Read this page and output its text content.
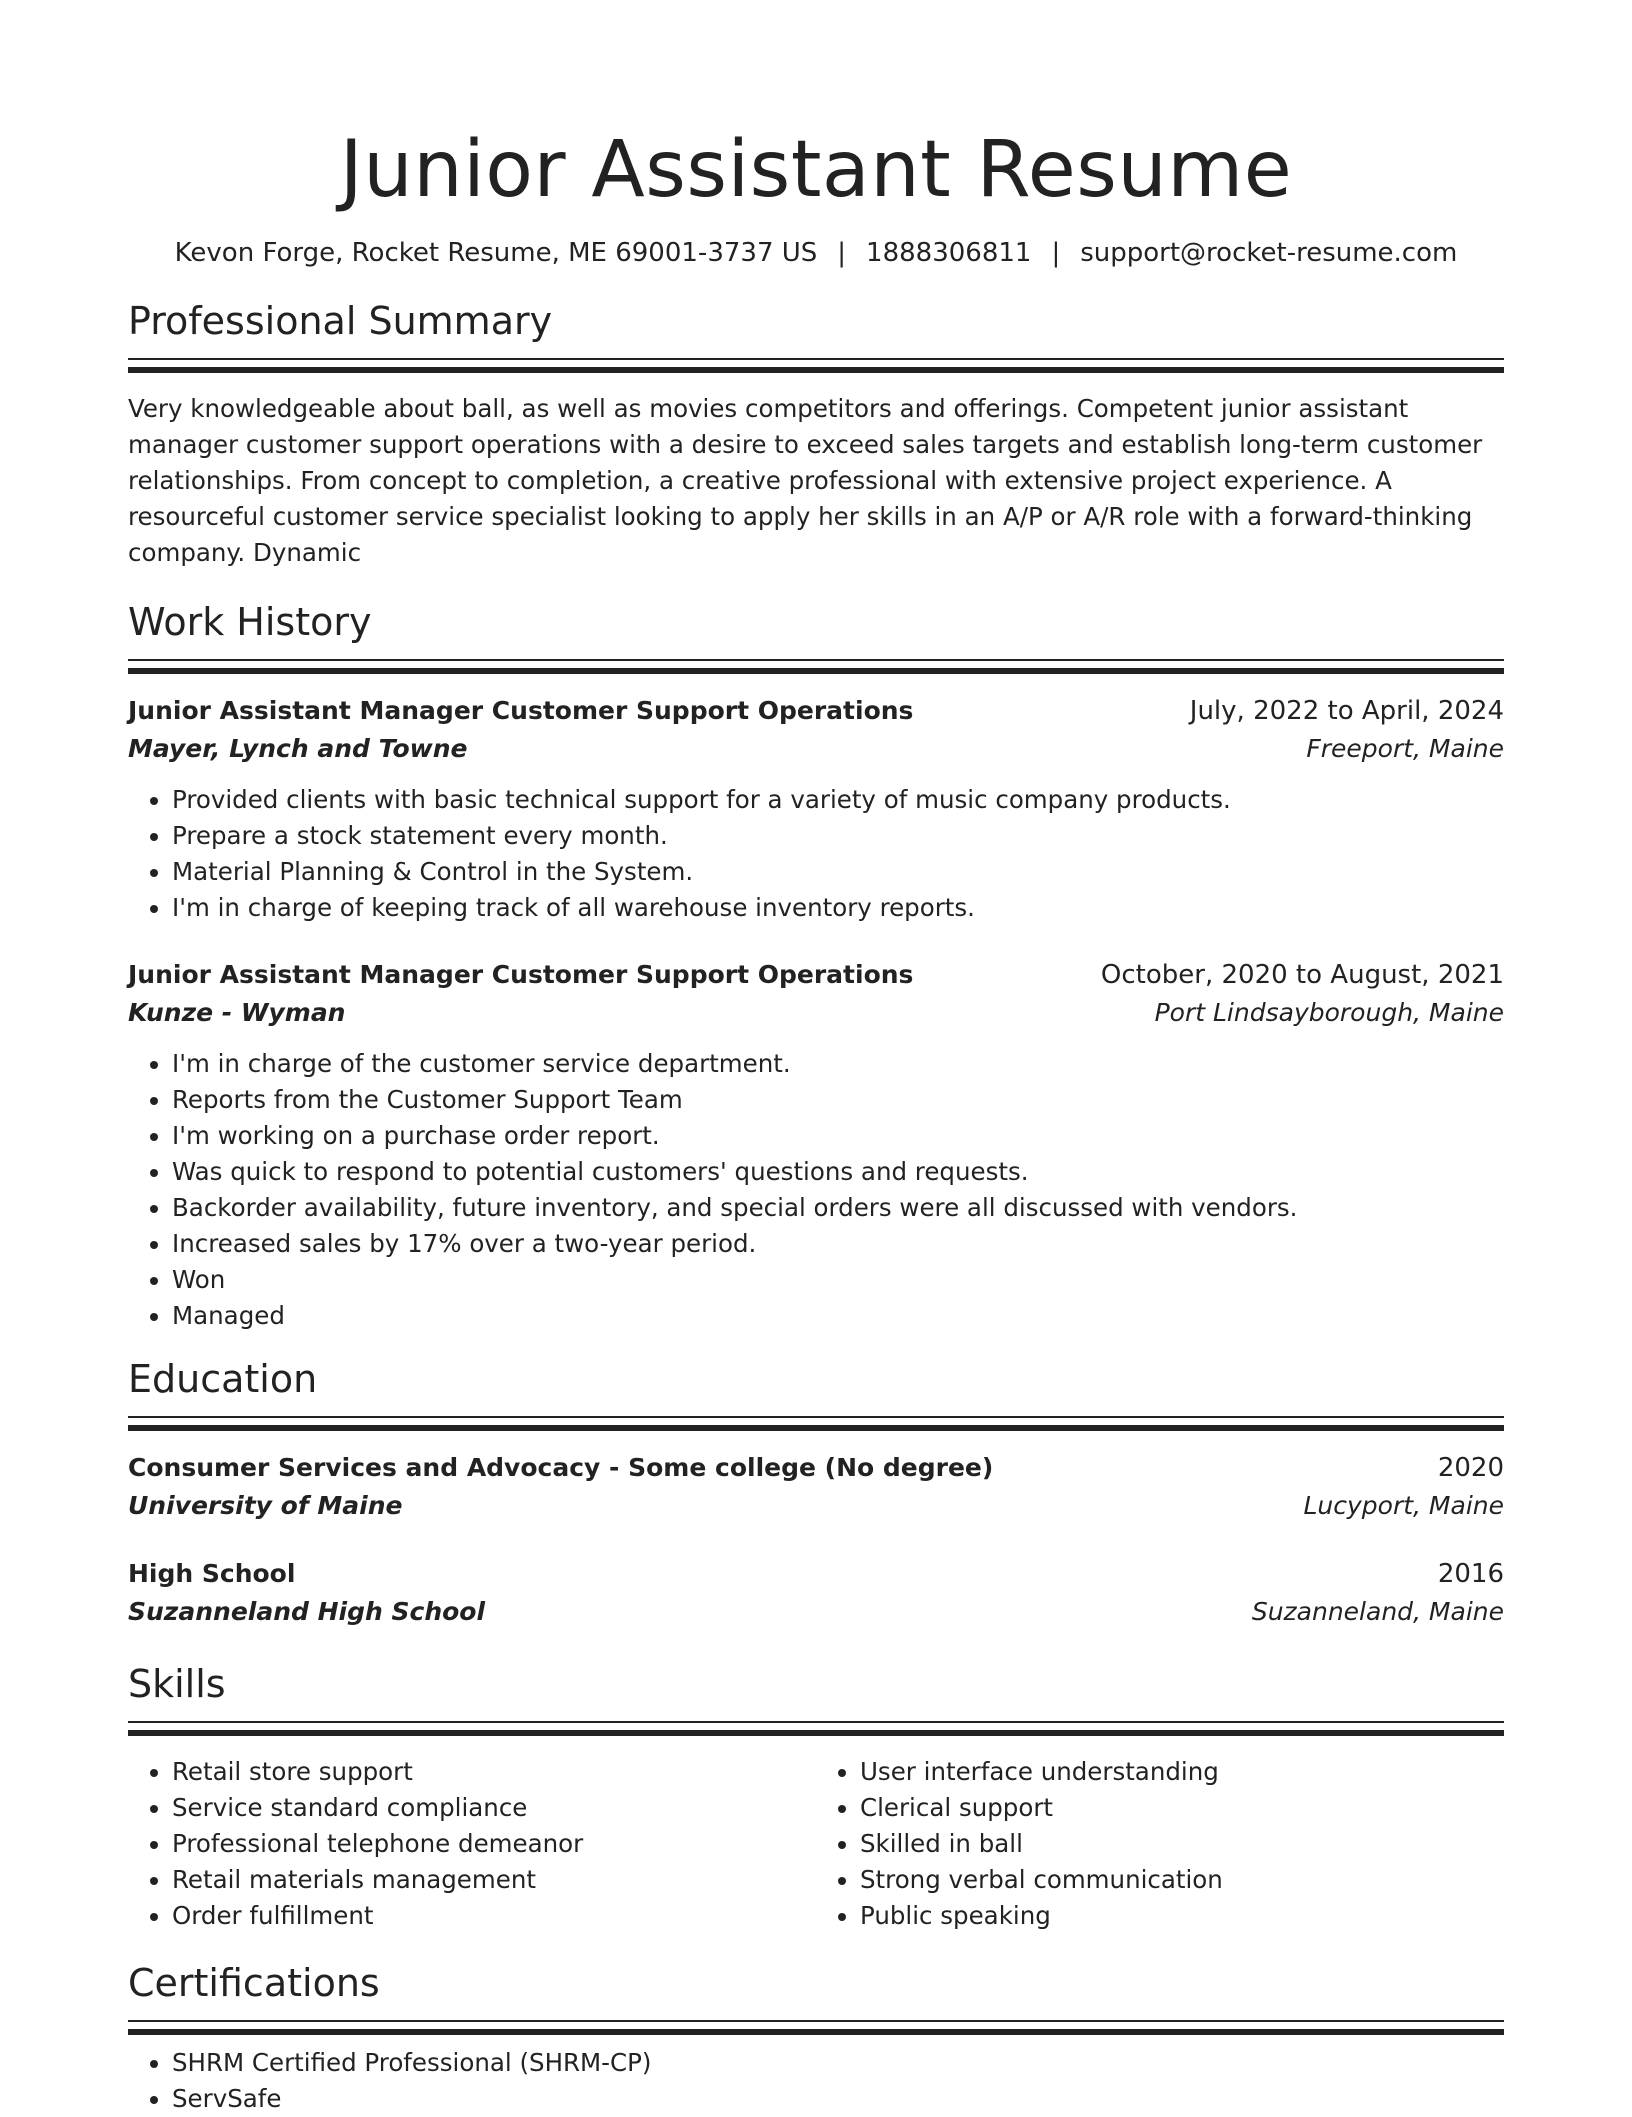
Junior Assistant Resume
Kevon Forge, Rocket Resume, ME 69001-3737 US | 1888306811 | support@rocket-resume.com
Professional Summary

Very knowledgeable about ball, as well as movies competitors and offerings. Competent junior assistant manager customer support operations with a desire to exceed sales targets and establish long-term customer relationships. From concept to completion, a creative professional with extensive project experience. A resourceful customer service specialist looking to apply her skills in an A/P or A/R role with a forward-thinking company. Dynamic

Work History
Junior Assistant Manager Customer Support Operations	July, 2022 to April, 2024
Mayer, Lynch and Towne	Freeport, Maine
• Provided clients with basic technical support for a variety of music company products.
• Prepare a stock statement every month.
• Material Planning & Control in the System.
• I'm in charge of keeping track of all warehouse inventory reports.
Junior Assistant Manager Customer Support Operations	October, 2020 to August, 2021
Kunze - Wyman	Port Lindsayborough, Maine
• I'm in charge of the customer service department.
• Reports from the Customer Support Team
• I'm working on a purchase order report.
• Was quick to respond to potential customers' questions and requests.
• Backorder availability, future inventory, and special orders were all discussed with vendors.
• Increased sales by 17% over a two-year period.
• Won
• Managed
Education
Consumer Services and Advocacy - Some college (No degree)	2020
University of Maine	Lucyport, Maine
High School	2016
Suzanneland High School	Suzanneland, Maine
Skills
• Retail store support
• Service standard compliance
• Professional telephone demeanor
• Retail materials management
• Order fulfillment
• User interface understanding
• Clerical support
• Skilled in ball
• Strong verbal communication
• Public speaking
Certifications
• SHRM Certified Professional (SHRM-CP)
• ServSafe
